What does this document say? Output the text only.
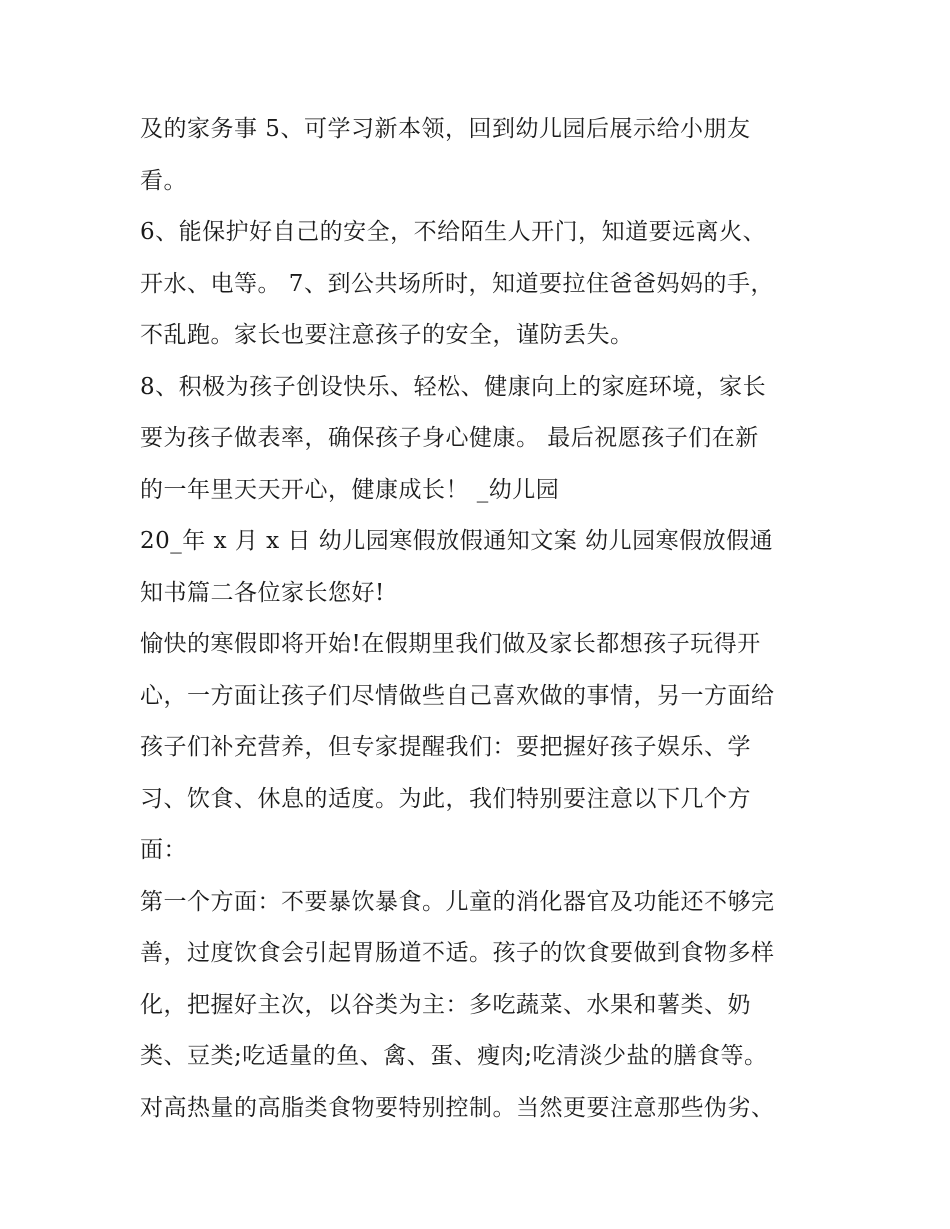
及的家务事 5、可学习新本领，回到幼儿园后展示给小朋友
看。
6、能保护好自己的安全，不给陌生人开门，知道要远离火、
开水、电等。 7、到公共场所时，知道要拉住爸爸妈妈的手，
不乱跑。家长也要注意孩子的安全，谨防丢失。
8、积极为孩子创设快乐、轻松、健康向上的家庭环境，家长
要为孩子做表率，确保孩子身心健康。 最后祝愿孩子们在新
的一年里天天开心，健康成长！ _幼儿园
20_年 x 月 x 日 幼儿园寒假放假通知文案 幼儿园寒假放假通
知书篇二各位家长您好!
愉快的寒假即将开始!在假期里我们做及家长都想孩子玩得开
心，一方面让孩子们尽情做些自己喜欢做的事情，另一方面给
孩子们补充营养，但专家提醒我们：要把握好孩子娱乐、学
习、饮食、休息的适度。为此，我们特别要注意以下几个方
面：
第一个方面：不要暴饮暴食。儿童的消化器官及功能还不够完
善，过度饮食会引起胃肠道不适。孩子的饮食要做到食物多样
化，把握好主次，以谷类为主：多吃蔬菜、水果和薯类、奶
类、豆类;吃适量的鱼、禽、蛋、瘦肉;吃清淡少盐的膳食等。
对高热量的高脂类食物要特别控制。当然更要注意那些伪劣、
